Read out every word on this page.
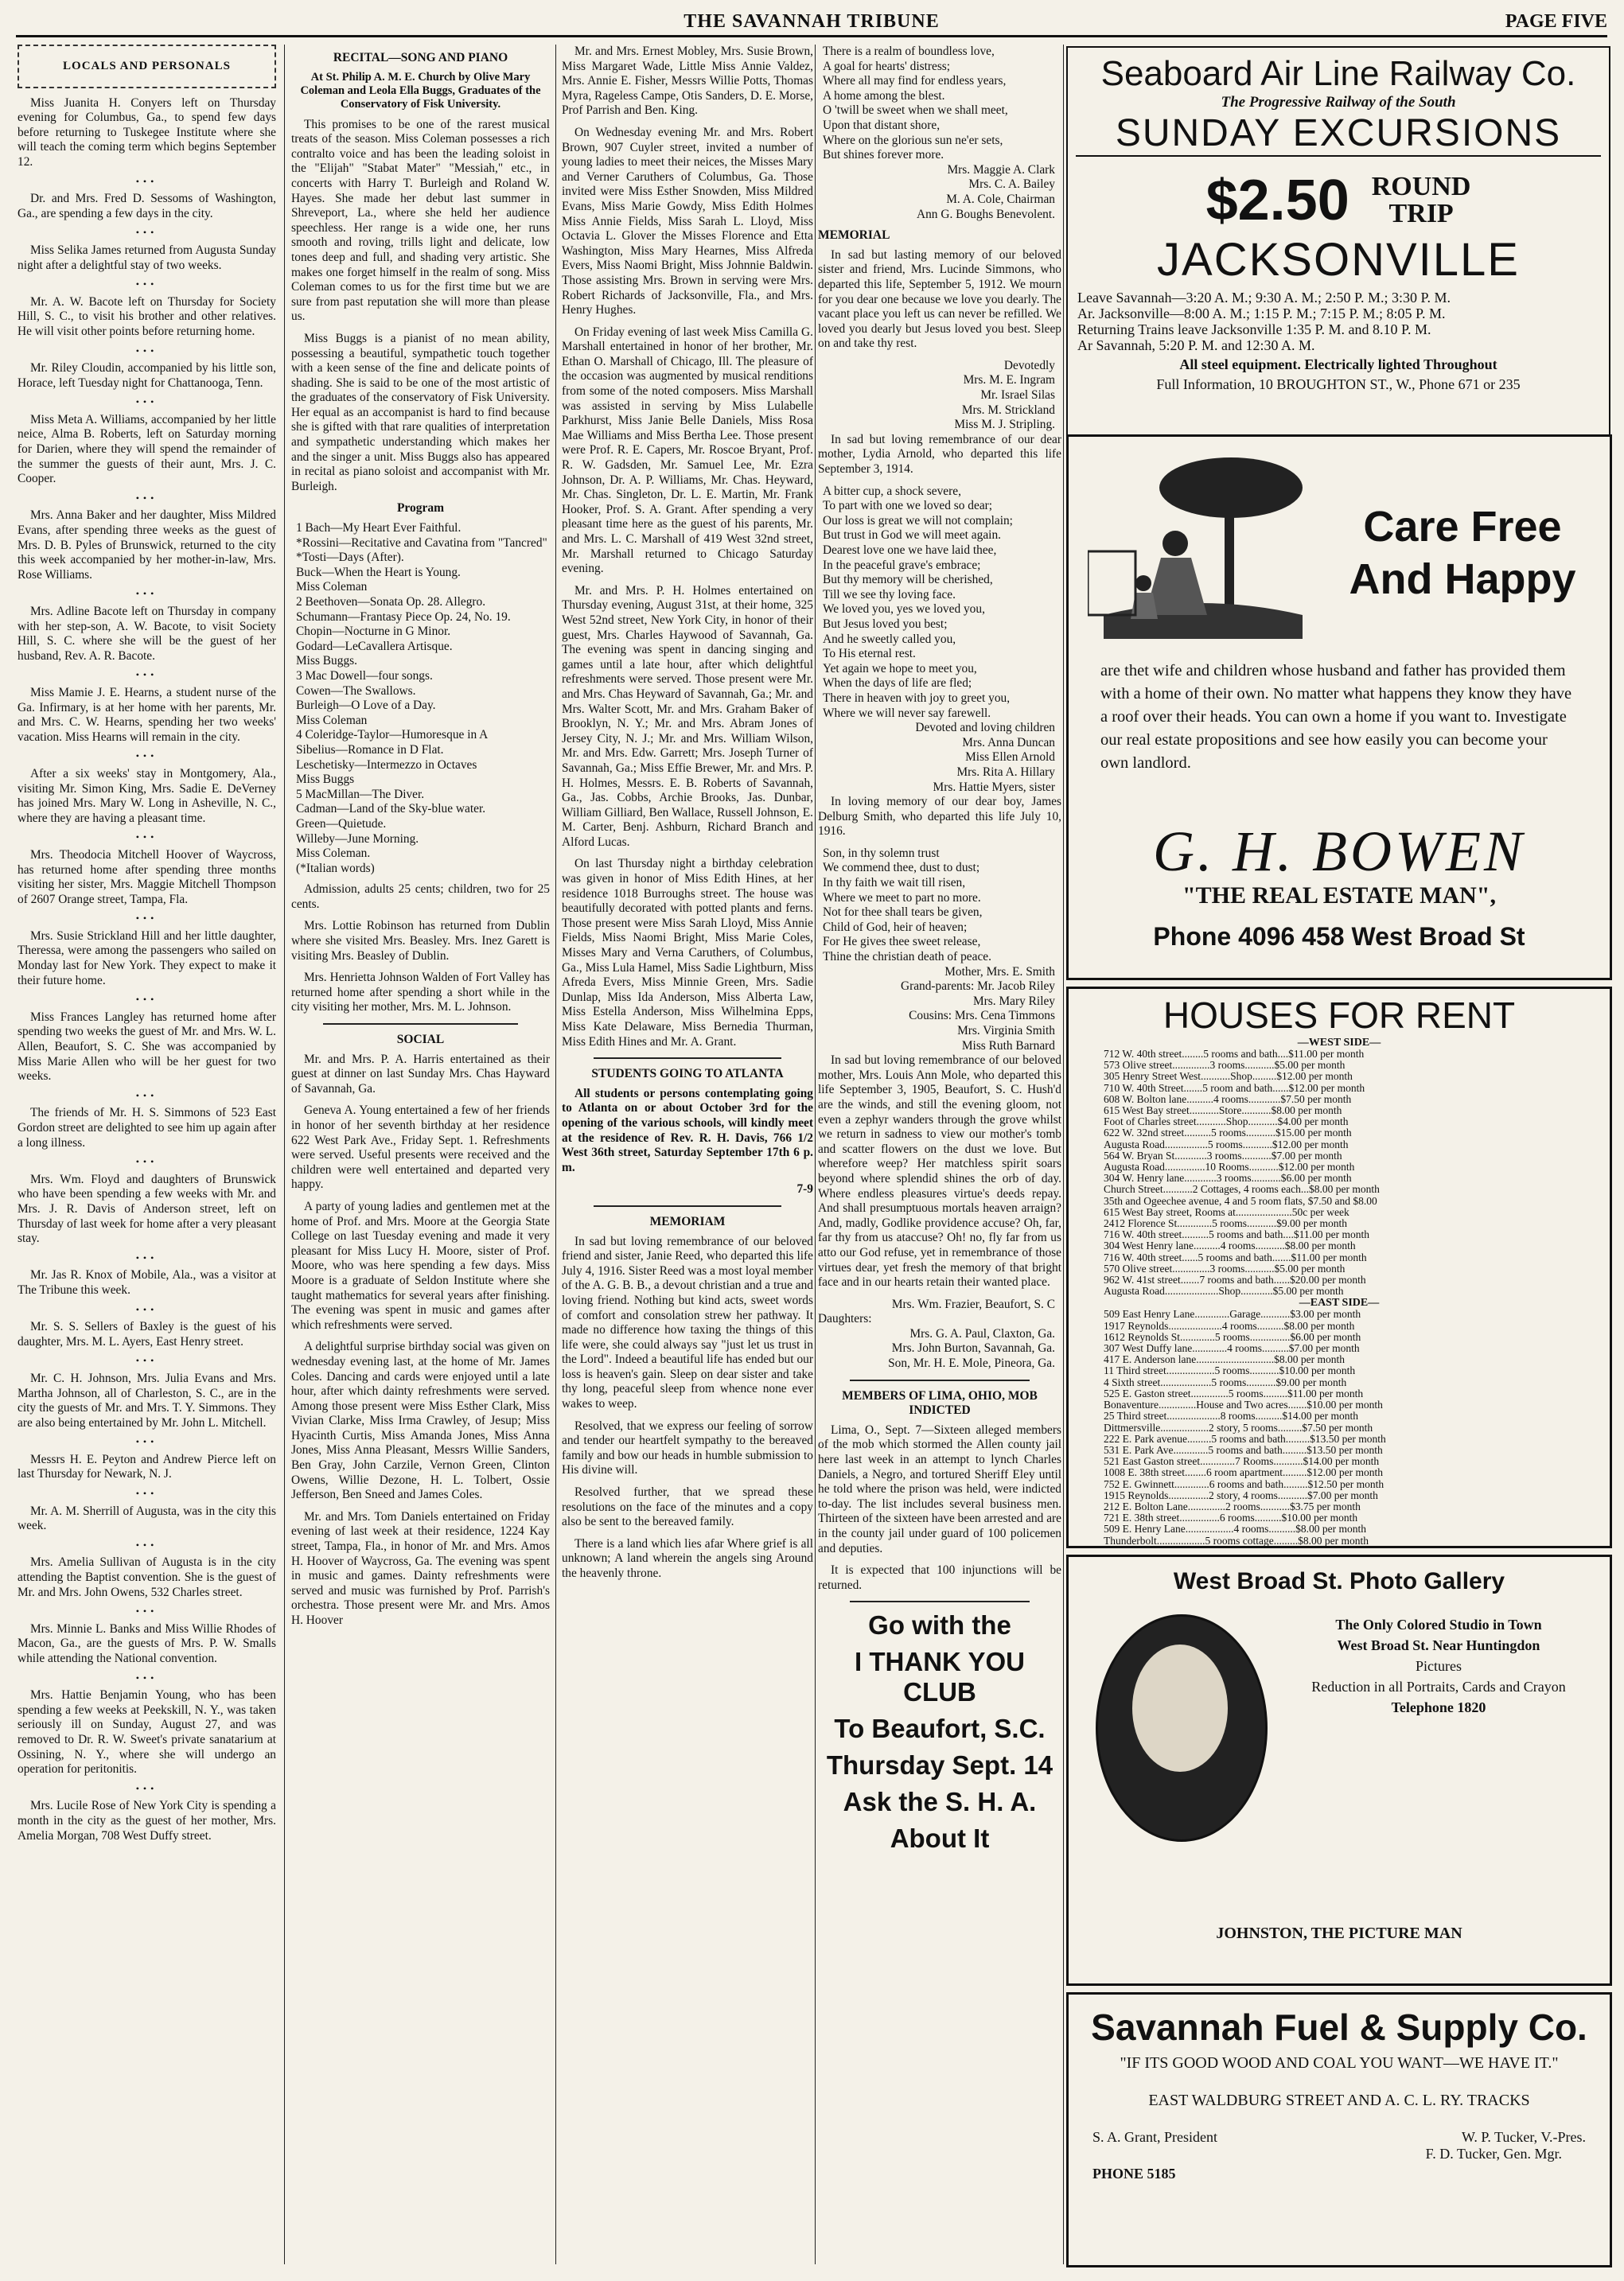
THE SAVANNAH TRIBUNE	PAGE FIVE
LOCALS AND PERSONALS

Miss Juanita H. Conyers left on Thursday evening for Columbus, Ga., to spend few days before returning to Tuskegee Institute where she will teach the coming term which begins September 12.

•••

Dr. and Mrs. Fred D. Sessoms of Washington, Ga., are spending a few days in the city.

•••

Miss Selika James returned from Augusta Sunday night after a delightful stay of two weeks.

•••

Mr. A. W. Bacote left on Thursday for Society Hill, S. C., to visit his brother and other relatives. He will visit other points before returning home.

•••

Mr. Riley Cloudin, accompanied by his little son, Horace, left Tuesday night for Chattanooga, Tenn.

•••

Miss Meta A. Williams, accompanied by her little neice, Alma B. Roberts, left on Saturday morning for Darien, where they will spend the remainder of the summer the guests of their aunt, Mrs. J. C. Cooper.

•••

Mrs. Anna Baker and her daughter, Miss Mildred Evans, after spending three weeks as the guest of Mrs. D. B. Pyles of Brunswick, returned to the city this week accompanied by her mother-in-law, Mrs. Rose Williams.

•••

Mrs. Adline Bacote left on Thursday in company with her step-son, A. W. Bacote, to visit Society Hill, S. C. where she will be the guest of her husband, Rev. A. R. Bacote.

•••

Miss Mamie J. E. Hearns, a student nurse of the Ga. Infirmary, is at her home with her parents, Mr. and Mrs. C. W. Hearns, spending her two weeks' vacation. Miss Hearns will remain in the city.

•••

After a six weeks' stay in Montgomery, Ala., visiting Mr. Simon King, Mrs. Sadie E. DeVerney has joined Mrs. Mary W. Long in Asheville, N. C., where they are having a pleasant time.

•••

Mrs. Theodocia Mitchell Hoover of Waycross, has returned home after spending three months visiting her sister, Mrs. Maggie Mitchell Thompson of 2607 Orange street, Tampa, Fla.

•••

Mrs. Susie Strickland Hill and her little daughter, Theressa, were among the passengers who sailed on Monday last for New York. They expect to make it their future home.

•••

Miss Frances Langley has returned home after spending two weeks the guest of Mr. and Mrs. W. L. Allen, Beaufort, S. C. She was accompanied by Miss Marie Allen who will be her guest for two weeks.

•••

The friends of Mr. H. S. Simmons of 523 East Gordon street are delighted to see him up again after a long illness.

•••

Mrs. Wm. Floyd and daughters of Brunswick who have been spending a few weeks with Mr. and Mrs. J. R. Davis of Anderson street, left on Thursday of last week for home after a very pleasant stay.

•••

Mr. Jas R. Knox of Mobile, Ala., was a visitor at The Tribune this week.

•••

Mr. S. S. Sellers of Baxley is the guest of his daughter, Mrs. M. L. Ayers, East Henry street.

•••

Mr. C. H. Johnson, Mrs. Julia Evans and Mrs. Martha Johnson, all of Charleston, S. C., are in the city the guests of Mr. and Mrs. T. Y. Simmons. They are also being entertained by Mr. John L. Mitchell.

•••

Messrs H. E. Peyton and Andrew Pierce left on last Thursday for Newark, N. J.

•••

Mr. A. M. Sherrill of Augusta, was in the city this week.

•••

Mrs. Amelia Sullivan of Augusta is in the city attending the Baptist convention. She is the guest of Mr. and Mrs. John Owens, 532 Charles street.

•••

Mrs. Minnie L. Banks and Miss Willie Rhodes of Macon, Ga., are the guests of Mrs. P. W. Smalls while attending the National convention.

•••

Mrs. Hattie Benjamin Young, who has been spending a few weeks at Peekskill, N. Y., was taken seriously ill on Sunday, August 27, and was removed to Dr. R. W. Sweet's private sanatarium at Ossining, N. Y., where she will undergo an operation for peritonitis.

•••

Mrs. Lucile Rose of New York City is spending a month in the city as the guest of her mother, Mrs. Amelia Morgan, 708 West Duffy street.

RECITAL—SONG AND PIANO
At St. Philip A. M. E. Church by Olive Mary Coleman and Leola Ella Buggs, Graduates of the Conservatory of Fisk University.

This promises to be one of the rarest musical treats of the season. Miss Coleman possesses a rich contralto voice and has been the leading soloist in the "Elijah" "Stabat Mater" "Messiah," etc., in concerts with Harry T. Burleigh and Roland W. Hayes. She made her debut last summer in Shreveport, La., where she held her audience speechless. Her range is a wide one, her runs smooth and roving, trills light and delicate, low tones deep and full, and shading very artistic. She makes one forget himself in the realm of song. Miss Coleman comes to us for the first time but we are sure from past reputation she will more than please us.

Miss Buggs is a pianist of no mean ability, possessing a beautiful, sympathetic touch together with a keen sense of the fine and delicate points of shading. She is said to be one of the most artistic of the graduates of the conservatory of Fisk University. Her equal as an accompanist is hard to find because she is gifted with that rare qualities of interpretation and sympathetic understanding which makes her and the singer a unit. Miss Buggs also has appeared in recital as piano soloist and accompanist with Mr. Burleigh.

Program
1 Bach—My Heart Ever Faithful.
*Rossini—Recitative and Cavatina from "Tancred"
*Tosti—Days (After).
Buck—When the Heart is Young.
Miss Coleman
2 Beethoven—Sonata Op. 28. Allegro.
Schumann—Frantasy Piece Op. 24, No. 19.
Chopin—Nocturne in G Minor.
Godard—LeCavallera Artisque.
Miss Buggs.
3 Mac Dowell—four songs.
Cowen—The Swallows.
Burleigh—O Love of a Day.
Miss Coleman
4 Coleridge-Taylor—Humoresque in A
Sibelius—Romance in D Flat.
Leschetisky—Intermezzo in Octaves
Miss Buggs
5 MacMillan—The Diver.
Cadman—Land of the Sky-blue water.
Green—Quietude.
Willeby—June Morning.
Miss Coleman.
(*Italian words)

Admission, adults 25 cents; children, two for 25 cents.

Mrs. Lottie Robinson has returned from Dublin where she visited Mrs. Beasley. Mrs. Inez Garett is visiting Mrs. Beasley of Dublin.

Mrs. Henrietta Johnson Walden of Fort Valley has returned home after spending a short while in the city visiting her mother, Mrs. M. L. Johnson.

SOCIAL

Mr. and Mrs. P. A. Harris entertained as their guest at dinner on last Sunday Mrs. Chas Hayward of Savannah, Ga.

Geneva A. Young entertained a few of her friends in honor of her seventh birthday at her residence 622 West Park Ave., Friday Sept. 1. Refreshments were served. Useful presents were received and the children were well entertained and departed very happy.

A party of young ladies and gentlemen met at the home of Prof. and Mrs. Moore at the Georgia State College on last Tuesday evening and made it very pleasant for Miss Lucy H. Moore, sister of Prof. Moore, who was here spending a few days. Miss Moore is a graduate of Seldon Institute where she taught mathematics for several years after finishing. The evening was spent in music and games after which refreshments were served.

A delightful surprise birthday social was given on wednesday evening last, at the home of Mr. James Coles. Dancing and cards were enjoyed until a late hour, after which dainty refreshments were served. Among those present were Miss Esther Clark, Miss Vivian Clarke, Miss Irma Crawley, of Jesup; Miss Hyacinth Curtis, Miss Amanda Jones, Miss Anna Jones, Miss Anna Pleasant, Messrs Willie Sanders, Ben Gray, John Carzile, Vernon Green, Clinton Owens, Willie Dezone, H. L. Tolbert, Ossie Jefferson, Ben Sneed and James Coles.

Mr. and Mrs. Tom Daniels entertained on Friday evening of last week at their residence, 1224 Kay street, Tampa, Fla., in honor of Mr. and Mrs. Amos H. Hoover of Waycross, Ga. The evening was spent in music and games. Dainty refreshments were served and music was furnished by Prof. Parrish's orchestra. Those present were Mr. and Mrs. Amos H. Hoover

Mr. and Mrs. Ernest Mobley, Mrs. Susie Brown, Miss Margaret Wade, Little Miss Annie Valdez, Mrs. Annie E. Fisher, Messrs Willie Potts, Thomas Myra, Rageless Campe, Otis Sanders, D. E. Morse, Prof Parrish and Ben. King.

On Wednesday evening Mr. and Mrs. Robert Brown, 907 Cuyler street, invited a number of young ladies to meet their neices, the Misses Mary and Verner Caruthers of Columbus, Ga. Those invited were Miss Esther Snowden, Miss Mildred Evans, Miss Marie Gowdy, Miss Edith Holmes Miss Annie Fields, Miss Sarah L. Lloyd, Miss Octavia L. Glover the Misses Florence and Etta Washington, Miss Mary Hearnes, Miss Alfreda Evers, Miss Naomi Bright, Miss Johnnie Baldwin. Those assisting Mrs. Brown in serving were Mrs. Robert Richards of Jacksonville, Fla., and Mrs. Henry Hughes.

On Friday evening of last week Miss Camilla G. Marshall entertained in honor of her brother, Mr. Ethan O. Marshall of Chicago, Ill. The pleasure of the occasion was augmented by musical renditions from some of the noted composers. Miss Marshall was assisted in serving by Miss Lulabelle Parkhurst, Miss Janie Belle Daniels, Miss Rosa Mae Williams and Miss Bertha Lee. Those present were Prof. R. E. Capers, Mr. Roscoe Bryant, Prof. R. W. Gadsden, Mr. Samuel Lee, Mr. Ezra Johnson, Dr. A. P. Williams, Mr. Chas. Heyward, Mr. Chas. Singleton, Dr. L. E. Martin, Mr. Frank Hooker, Prof. S. A. Grant. After spending a very pleasant time here as the guest of his parents, Mr. and Mrs. L. C. Marshall of 419 West 32nd street, Mr. Marshall returned to Chicago Saturday evening.

Mr. and Mrs. P. H. Holmes entertained on Thursday evening, August 31st, at their home, 325 West 52nd street, New York City, in honor of their guest, Mrs. Charles Haywood of Savannah, Ga. The evening was spent in dancing singing and games until a late hour, after which delightful refreshments were served. Those present were Mr. and Mrs. Chas Heyward of Savannah, Ga.; Mr. and Mrs. Walter Scott, Mr. and Mrs. Graham Baker of Brooklyn, N. Y.; Mr. and Mrs. Abram Jones of Jersey City, N. J.; Mr. and Mrs. William Wilson, Mr. and Mrs. Edw. Garrett; Mrs. Joseph Turner of Savannah, Ga.; Miss Effie Brewer, Mr. and Mrs. P. H. Holmes, Messrs. E. B. Roberts of Savannah, Ga., Jas. Cobbs, Archie Brooks, Jas. Dunbar, William Gilliard, Ben Wallace, Russell Johnson, E. M. Carter, Benj. Ashburn, Richard Branch and Alford Lucas.

On last Thursday night a birthday celebration was given in honor of Miss Edith Hines, at her residence 1018 Burroughs street. The house was beautifully decorated with potted plants and ferns. Those present were Miss Sarah Lloyd, Miss Annie Fields, Miss Naomi Bright, Miss Marie Coles, Misses Mary and Verna Caruthers, of Columbus, Ga., Miss Lula Hamel, Miss Sadie Lightburn, Miss Afreda Evers, Miss Minnie Green, Mrs. Sadie Dunlap, Miss Ida Anderson, Miss Alberta Law, Miss Estella Anderson, Miss Wilhelmina Epps, Miss Kate Delaware, Miss Bernedia Thurman, Miss Edith Hines and Mr. A. Grant.

STUDENTS GOING TO ATLANTA

All students or persons contemplating going to Atlanta on or about October 3rd for the opening of the various schools, will kindly meet at the residence of Rev. R. H. Davis, 766 1/2 West 36th street, Saturday September 17th 6 p. m.

7-9
MEMORIAM

In sad but loving remembrance of our beloved friend and sister, Janie Reed, who departed this life July 4, 1916. Sister Reed was a most loyal member of the A. G. B. B., a devout christian and a true and loving friend. Nothing but kind acts, sweet words of comfort and consolation strew her pathway. It made no difference how taxing the things of this life were, she could always say "just let us trust in the Lord". Indeed a beautiful life has ended but our loss is heaven's gain. Sleep on dear sister and take thy long, peaceful sleep from whence none ever wakes to weep.

Resolved, that we express our feeling of sorrow and tender our heartfelt sympathy to the bereaved family and bow our heads in humble submission to His divine will.

Resolved further, that we spread these resolutions on the face of the minutes and a copy also be sent to the bereaved family.

There is a land which lies afar Where grief is all unknown; A land wherein the angels sing Around the heavenly throne.

There is a realm of boundless love,
A goal for hearts' distress;
Where all may find for endless years,
A home among the blest.
O 'twill be sweet when we shall meet,
Upon that distant shore,
Where on the glorious sun ne'er sets,
But shines forever more.
Mrs. Maggie A. Clark
Mrs. C. A. Bailey
M. A. Cole, Chairman
Ann G. Boughs Benevolent.
MEMORIAL

In sad but lasting memory of our beloved sister and friend, Mrs. Lucinde Simmons, who departed this life, September 5, 1912. We mourn for you dear one because we love you dearly. The vacant place you left us can never be refilled. We loved you dearly but Jesus loved you best. Sleep on and take thy rest.

Devotedly
Mrs. M. E. Ingram
Mr. Israel Silas
Mrs. M. Strickland
Miss M. J. Stripling.

In sad but loving remembrance of our dear mother, Lydia Arnold, who departed this life September 3, 1914.

A bitter cup, a shock severe,
To part with one we loved so dear;
Our loss is great we will not complain;
But trust in God we will meet again.
Dearest love one we have laid thee,
In the peaceful grave's embrace;
But thy memory will be cherished,
Till we see thy loving face.
We loved you, yes we loved you,
But Jesus loved you best;
And he sweetly called you,
To His eternal rest.
Yet again we hope to meet you,
When the days of life are fled;
There in heaven with joy to greet you,
Where we will never say farewell.
Devoted and loving children
Mrs. Anna Duncan
Miss Ellen Arnold
Mrs. Rita A. Hillary
Mrs. Hattie Myers, sister

In loving memory of our dear boy, James Delburg Smith, who departed this life July 10, 1916.

Son, in thy solemn trust
We commend thee, dust to dust;
In thy faith we wait till risen,
Where we meet to part no more.
Not for thee shall tears be given,
Child of God, heir of heaven;
For He gives thee sweet release,
Thine the christian death of peace.
Mother, Mrs. E. Smith
Grand-parents: Mr. Jacob Riley
Mrs. Mary Riley
Cousins: Mrs. Cena Timmons
Mrs. Virginia Smith
Miss Ruth Barnard

In sad but loving remembrance of our beloved mother, Mrs. Louis Ann Mole, who departed this life September 3, 1905, Beaufort, S. C. Hush'd are the winds, and still the evening gloom, not even a zephyr wanders through the grove whilst we return in sadness to view our mother's tomb and scatter flowers on the dust we love. But wherefore weep? Her matchless spirit soars beyond where splendid shines the orb of day. Where endless pleasures virtue's deeds repay. And shall presumptuous mortals heaven arraign? And, madly, Godlike providence accuse? Oh, far, far thy from us ataccuse? Oh! no, fly far from us atto our God refuse, yet in remembrance of those virtues dear, yet fresh the memory of that bright face and in our hearts retain their wanted place.

Mrs. Wm. Frazier, Beaufort, S. C
Daughters:
Mrs. G. A. Paul, Claxton, Ga.
Mrs. John Burton, Savannah, Ga.
Son, Mr. H. E. Mole, Pineora, Ga.
MEMBERS OF LIMA, OHIO, MOB INDICTED

Lima, O., Sept. 7—Sixteen alleged members of the mob which stormed the Allen county jail here last week in an attempt to lynch Charles Daniels, a Negro, and tortured Sheriff Eley until he told where the prison was held, were indicted to-day. The list includes several business men. Thirteen of the sixteen have been arrested and are in the county jail under guard of 100 policemen and deputies.

It is expected that 100 injunctions will be returned.

Go with the
I THANK YOU CLUB
To Beaufort, S.C.
Thursday Sept. 14
Ask the S. H. A.
About It
Seaboard Air Line Railway Co.
The Progressive Railway of the South
SUNDAY EXCURSIONS
$2.50 ROUND
TRIP
JACKSONVILLE
Leave Savannah—3:20 A. M.; 9:30 A. M.; 2:50 P. M.; 3:30 P. M.
Ar. Jacksonville—8:00 A. M.; 1:15 P. M.; 7:15 P. M.; 8:05 P. M.
Returning Trains leave Jacksonville 1:35 P. M. and 8.10 P. M.
Ar Savannah, 5:20 P. M. and 12:30 A. M.
All steel equipment. Electrically lighted Throughout
Full Information, 10 BROUGHTON ST., W., Phone 671 or 235
Care Free
And Happy
are thet wife and children whose husband and father has provided them with a home of their own. No matter what happens they know they have a roof over their heads. You can own a home if you want to. Investigate our real estate propositions and see how easily you can become your own landlord.
G. H. BOWEN
"THE REAL ESTATE MAN",
Phone 4096 458 West Broad St
HOUSES FOR RENT
—WEST SIDE—
712 W. 40th street........5 rooms and bath....$11.00 per month
573 Olive street..............3 rooms...........$5.00 per month
305 Henry Street West...........Shop.........$12.00 per month
710 W. 40th Street.......5 room and bath......$12.00 per month
608 W. Bolton lane..........4 rooms............$7.50 per month
615 West Bay street...........Store...........$8.00 per month
Foot of Charles street...........Shop...........$4.00 per month
622 W. 32nd street..........5 rooms...........$15.00 per month
Augusta Road................5 rooms...........$12.00 per month
564 W. Bryan St............3 rooms...........$7.00 per month
Augusta Road...............10 Rooms...........$12.00 per month
304 W. Henry lane............3 rooms...........$6.00 per month
Church Street...........2 Cottages, 4 rooms each...$8.00 per month
35th and Ogeechee avenue, 4 and 5 room flats, $7.50 and $8.00
615 West Bay street, Rooms at.....................50c per week
2412 Florence St.............5 rooms...........$9.00 per month
716 W. 40th street..........5 rooms and bath....$11.00 per month
304 West Henry lane..........4 rooms...........$8.00 per month
716 W. 40th street......5 rooms and bath.......$11.00 per month
570 Olive street..............3 rooms...........$5.00 per month
962 W. 41st street.......7 rooms and bath......$20.00 per month
Augusta Road....................Shop............$5.00 per month
—EAST SIDE—
509 East Henry Lane.............Garage...........$3.00 per month
1917 Reynolds....................4 rooms..........$8.00 per month
1612 Reynolds St.............5 rooms...............$6.00 per month
307 West Duffy lane.............4 rooms..........$7.00 per month
417 E. Anderson lane.............................$8.00 per month
11 Third street..................5 rooms...........$10.00 per month
4 Sixth street...................5 rooms...........$9.00 per month
525 E. Gaston street..............5 rooms.........$11.00 per month
Bonaventure..............House and Two acres.......$10.00 per month
25 Third street....................8 rooms..........$14.00 per month
Dittmersville..................2 story, 5 rooms.........$7.50 per month
222 E. Park avenue.........5 rooms and bath.........$13.50 per month
531 E. Park Ave.............5 rooms and bath.........$13.50 per month
521 East Gaston street.............7 Rooms...........$14.00 per month
1008 E. 38th street........6 room apartment.........$12.00 per month
752 E. Gwinnett.............6 rooms and bath.........$12.50 per month
1915 Reynolds...............2 story, 4 rooms...........$7.00 per month
212 E. Bolton Lane..............2 rooms...........$3.75 per month
721 E. 38th street...............6 rooms..........$10.00 per month
509 E. Henry Lane..................4 rooms..........$8.00 per month
Thunderbolt..................5 rooms cottage.........$8.00 per month
West Broad St. Photo Gallery
The Only Colored Studio in Town
West Broad St. Near Huntingdon
Pictures
Reduction in all Portraits, Cards and Crayon
Telephone 1820
JOHNSTON, THE PICTURE MAN
Savannah Fuel & Supply Co.
"IF ITS GOOD WOOD AND COAL YOU WANT—WE HAVE IT."
EAST WALDBURG STREET AND A. C. L. RY. TRACKS
S. A. Grant, President	W. P. Tucker, V.-Pres.
F. D. Tucker, Gen. Mgr.
PHONE 5185
